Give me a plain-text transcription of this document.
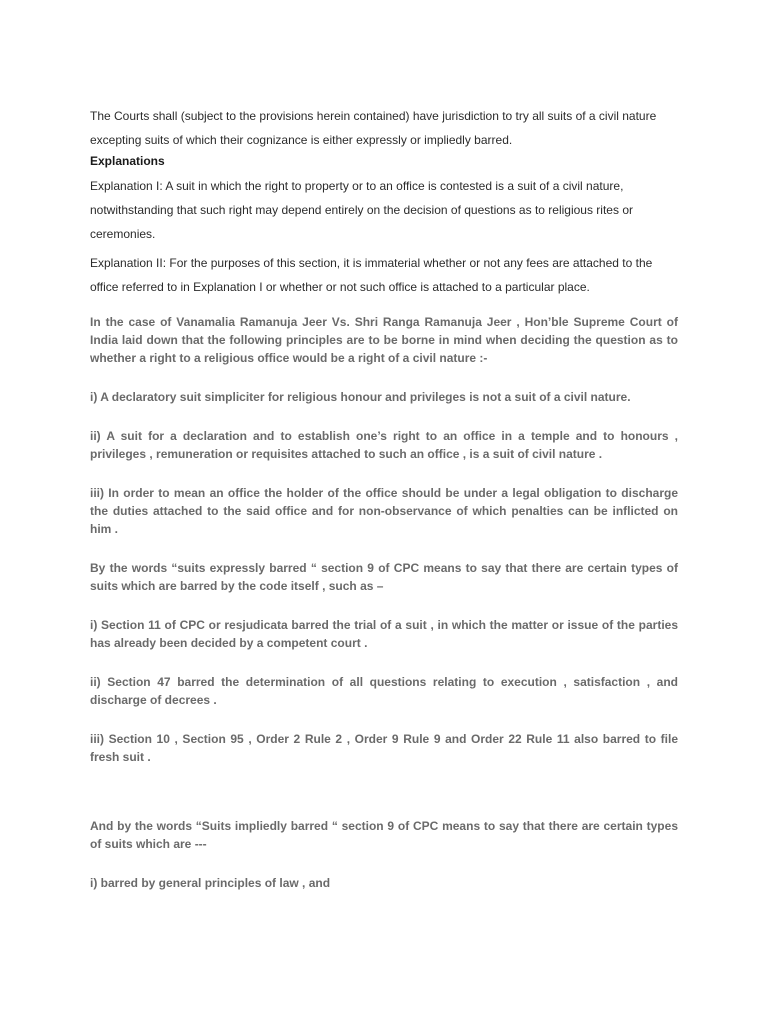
The Courts shall (subject to the provisions herein contained) have jurisdiction to try all suits of a civil nature excepting suits of which their cognizance is either expressly or impliedly barred.

Explanations

Explanation I: A suit in which the right to property or to an office is contested is a suit of a civil nature, notwithstanding that such right may depend entirely on the decision of questions as to religious rites or ceremonies.

Explanation II: For the purposes of this section, it is immaterial whether or not any fees are attached to the office referred to in Explanation I or whether or not such office is attached to a particular place.

In the case of Vanamalia Ramanuja Jeer Vs. Shri Ranga Ramanuja Jeer , Hon’ble Supreme Court of India laid down that the following principles are to be borne in mind when deciding the question as to whether a right to a religious office would be a right of a civil nature :-

i) A declaratory suit simpliciter for religious honour and privileges is not a suit of a civil nature.

ii) A suit for a declaration and to establish one’s right to an office in a temple and to honours , privileges , remuneration or requisites attached to such an office , is a suit of civil nature .

iii) In order to mean an office the holder of the office should be under a legal obligation to discharge the duties attached to the said office and for non-observance of which penalties can be inflicted on him .

By the words “suits expressly barred “ section 9 of CPC means to say that there are certain types of suits which are barred by the code itself , such as –

i) Section 11 of CPC or resjudicata barred the trial of a suit , in which the matter or issue of the parties has already been decided by a competent court .

ii) Section 47 barred the determination of all questions relating to execution , satisfaction , and discharge of decrees .

iii) Section 10 , Section 95 , Order 2 Rule 2 , Order 9 Rule 9 and Order 22 Rule 11 also barred to file fresh suit .

And by the words “Suits impliedly barred “ section 9 of CPC means to say that there are certain types of suits which are ---

i) barred by general principles of law , and
